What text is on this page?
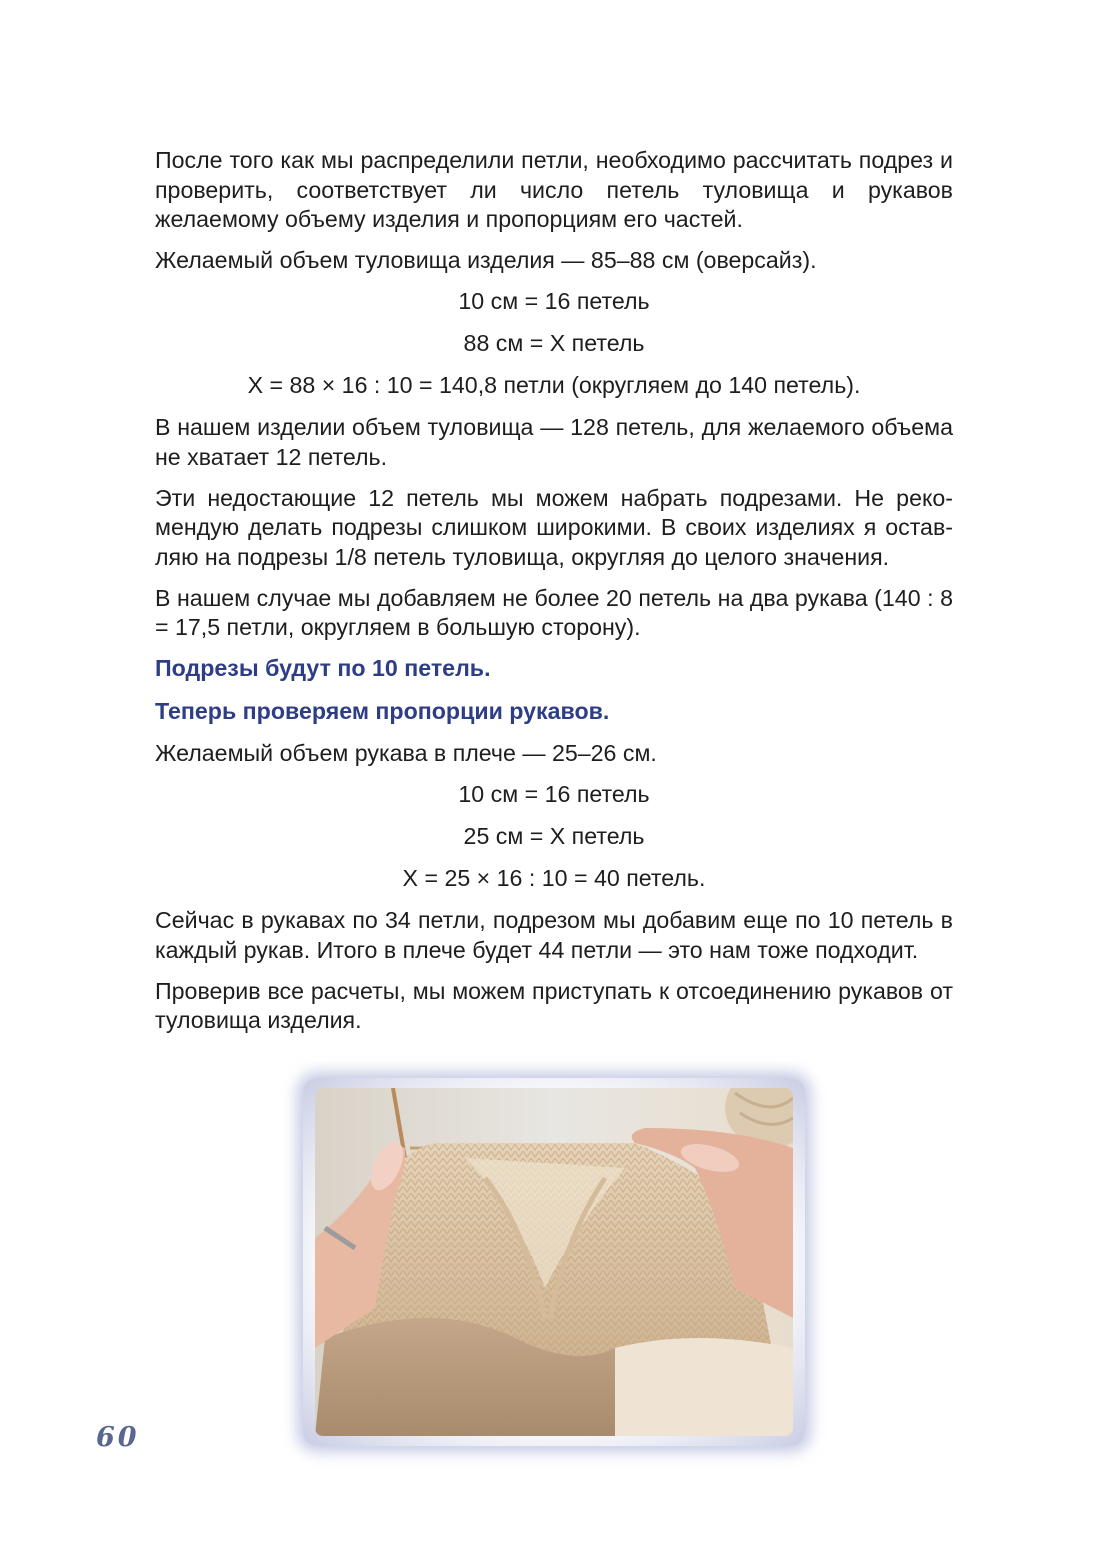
После того как мы распределили петли, необходимо рассчитать подрез и проверить, соответствует ли число петель туловища и рукавов желаемому объему изделия и пропорциям его частей.

Желаемый объем туловища изделия — 85–88 см (оверсайз).

10 см = 16 петель

88 см = Х петель

Х = 88 × 16 : 10 = 140,8 петли (округляем до 140 петель).

В нашем изделии объем туловища — 128 петель, для желаемого объема не хватает 12 петель.

Эти недостающие 12 петель мы можем набрать подрезами. Не рекомендую делать подрезы слишком широкими. В своих изделиях я оставляю на подрезы 1/8 петель туловища, округляя до целого значения.

В нашем случае мы добавляем не более 20 петель на два рукава (140 : 8 = 17,5 петли, округляем в большую сторону).

Подрезы будут по 10 петель.

Теперь проверяем пропорции рукавов.

Желаемый объем рукава в плече — 25–26 см.

10 см = 16 петель

25 см = Х петель

Х = 25 × 16 : 10 = 40 петель.

Сейчас в рукавах по 34 петли, подрезом мы добавим еще по 10 петель в каждый рукав. Итого в плече будет 44 петли — это нам тоже подходит.

Проверив все расчеты, мы можем приступать к отсоединению рукавов от туловища изделия.

60
